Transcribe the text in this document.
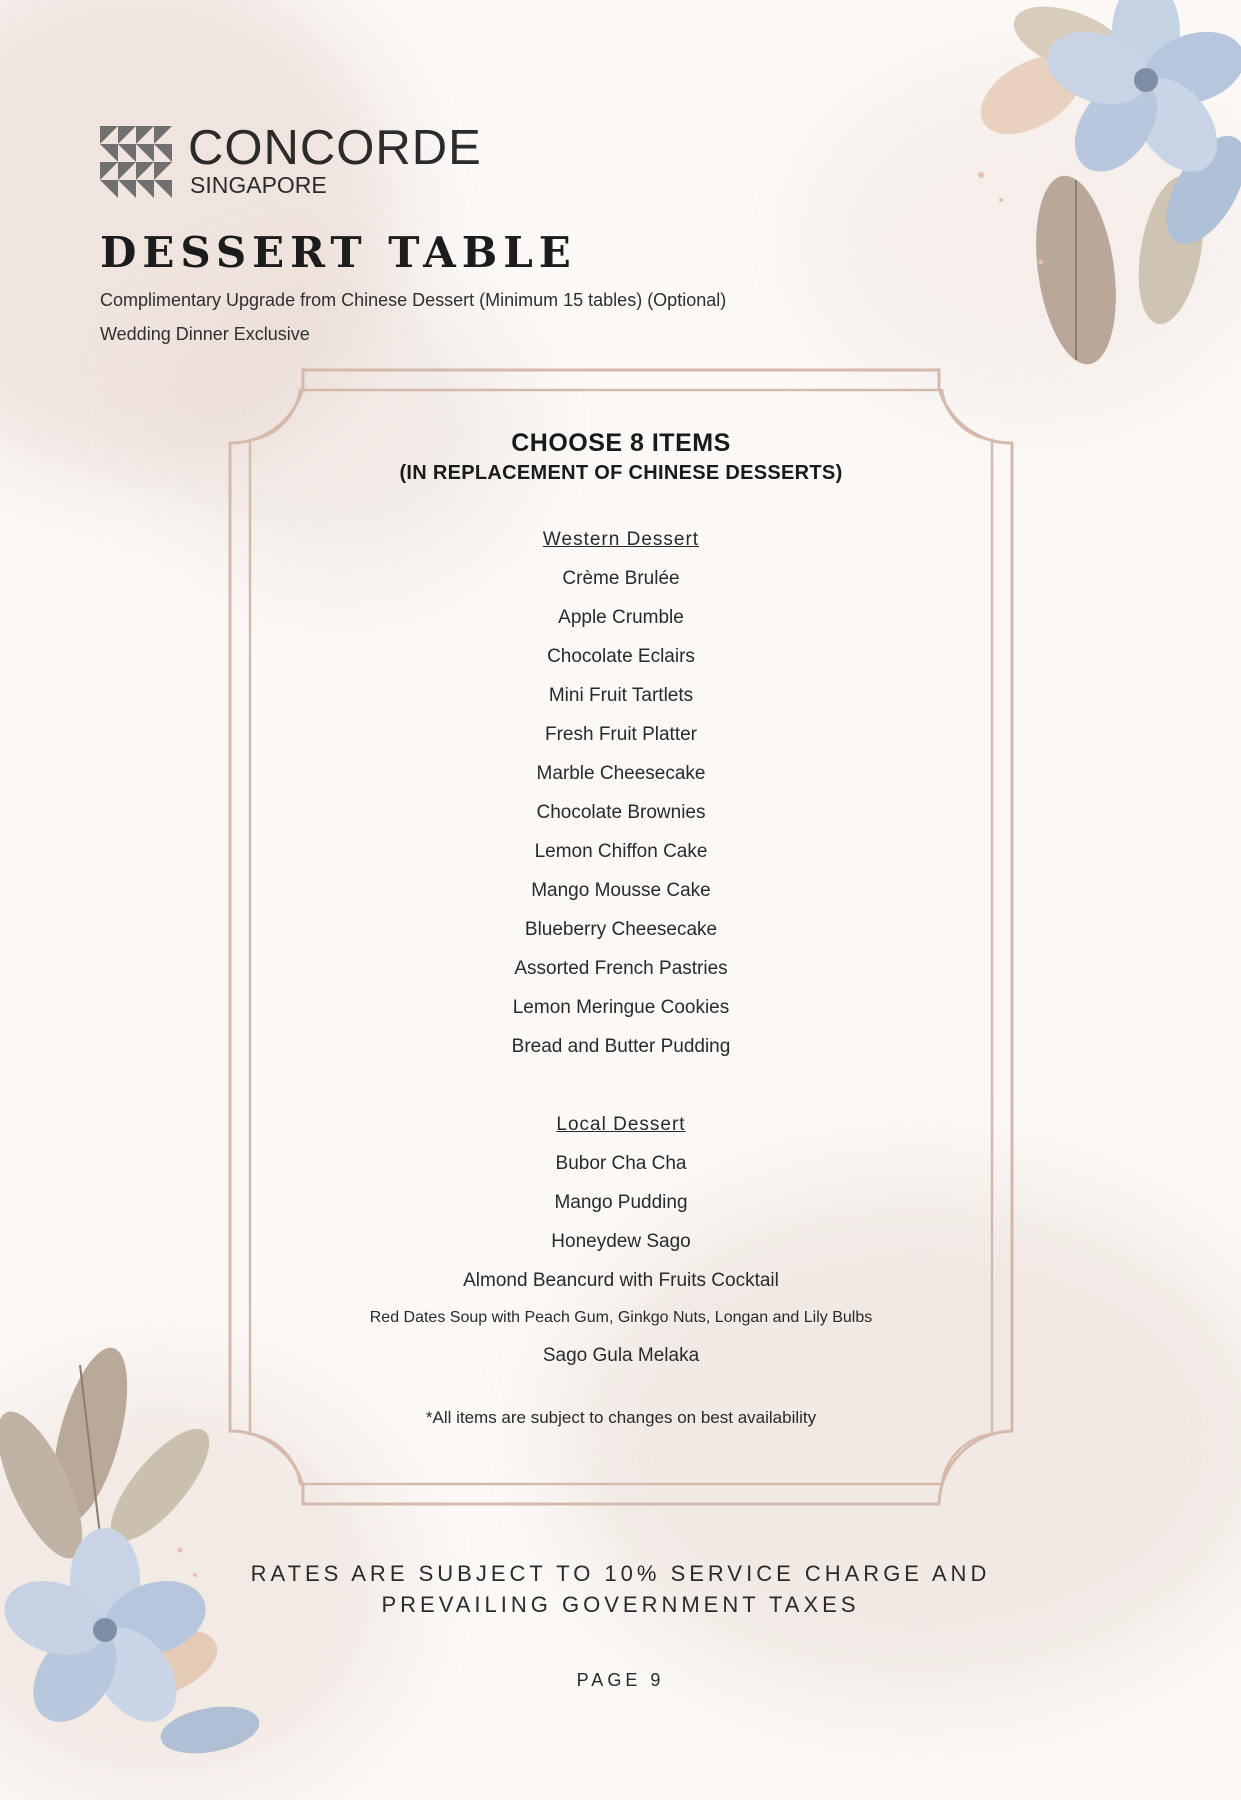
CONCORDE
SINGAPORE
DESSERT TABLE
Complimentary Upgrade from Chinese Dessert (Minimum 15 tables) (Optional)
Wedding Dinner Exclusive
CHOOSE 8 ITEMS
(IN REPLACEMENT OF CHINESE DESSERTS)
Western Dessert
Crème Brulée
Apple Crumble
Chocolate Eclairs
Mini Fruit Tartlets
Fresh Fruit Platter
Marble Cheesecake
Chocolate Brownies
Lemon Chiffon Cake
Mango Mousse Cake
Blueberry Cheesecake
Assorted French Pastries
Lemon Meringue Cookies
Bread and Butter Pudding
Local Dessert
Bubor Cha Cha
Mango Pudding
Honeydew Sago
Almond Beancurd with Fruits Cocktail
Red Dates Soup with Peach Gum, Ginkgo Nuts, Longan and Lily Bulbs
Sago Gula Melaka
*All items are subject to changes on best availability
RATES ARE SUBJECT TO 10% SERVICE CHARGE AND
PREVAILING GOVERNMENT TAXES
PAGE 9
